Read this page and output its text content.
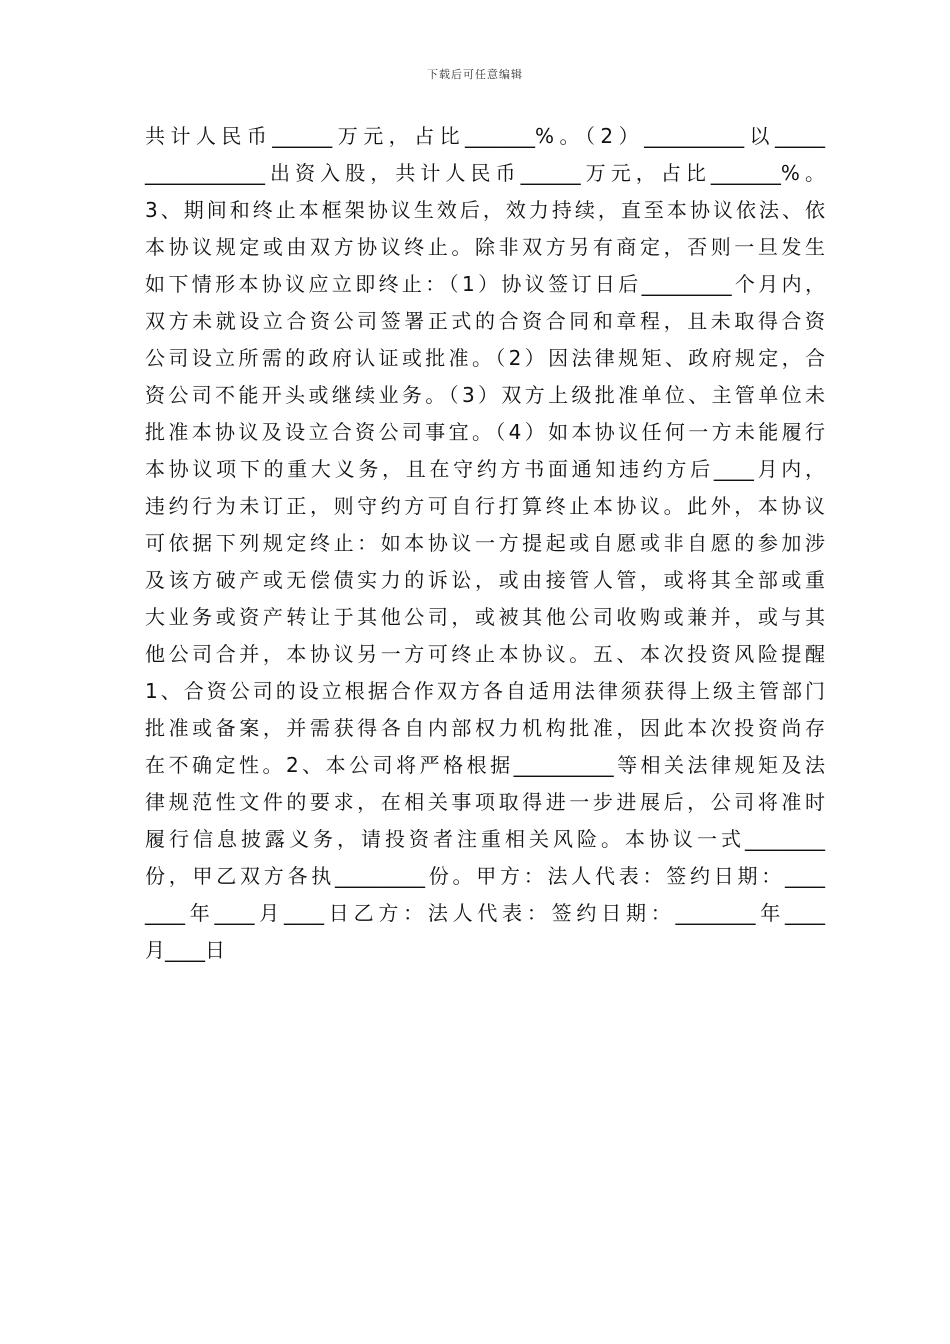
下载后可任意编辑
共计人民币______万元，占比_______%。（2）__________以_____
____________出资入股，共计人民币______万元，占比_______%。
3、期间和终止本框架协议生效后，效力持续，直至本协议依法、依
本协议规定或由双方协议终止。除非双方另有商定，否则一旦发生
如下情形本协议应立即终止：（1）协议签订日后_________个月内，
双方未就设立合资公司签署正式的合资合同和章程，且未取得合资
公司设立所需的政府认证或批准。（2）因法律规矩、政府规定，合
资公司不能开头或继续业务。（3）双方上级批准单位、主管单位未
批准本协议及设立合资公司事宜。（4）如本协议任何一方未能履行
本协议项下的重大义务，且在守约方书面通知违约方后____月内，
违约行为未订正，则守约方可自行打算终止本协议。此外，本协议
可依据下列规定终止：如本协议一方提起或自愿或非自愿的参加涉
及该方破产或无偿债实力的诉讼，或由接管人管，或将其全部或重
大业务或资产转让于其他公司，或被其他公司收购或兼并，或与其
他公司合并，本协议另一方可终止本协议。五、本次投资风险提醒
1、合资公司的设立根据合作双方各自适用法律须获得上级主管部门
批准或备案，并需获得各自内部权力机构批准，因此本次投资尚存
在不确定性。2、本公司将严格根据__________等相关法律规矩及法
律规范性文件的要求，在相关事项取得进一步进展后，公司将准时
履行信息披露义务，请投资者注重相关风险。本协议一式________
份，甲乙双方各执_________份。甲方：法人代表：签约日期：____
____年____月____日乙方：法人代表：签约日期：________年____
月____日
